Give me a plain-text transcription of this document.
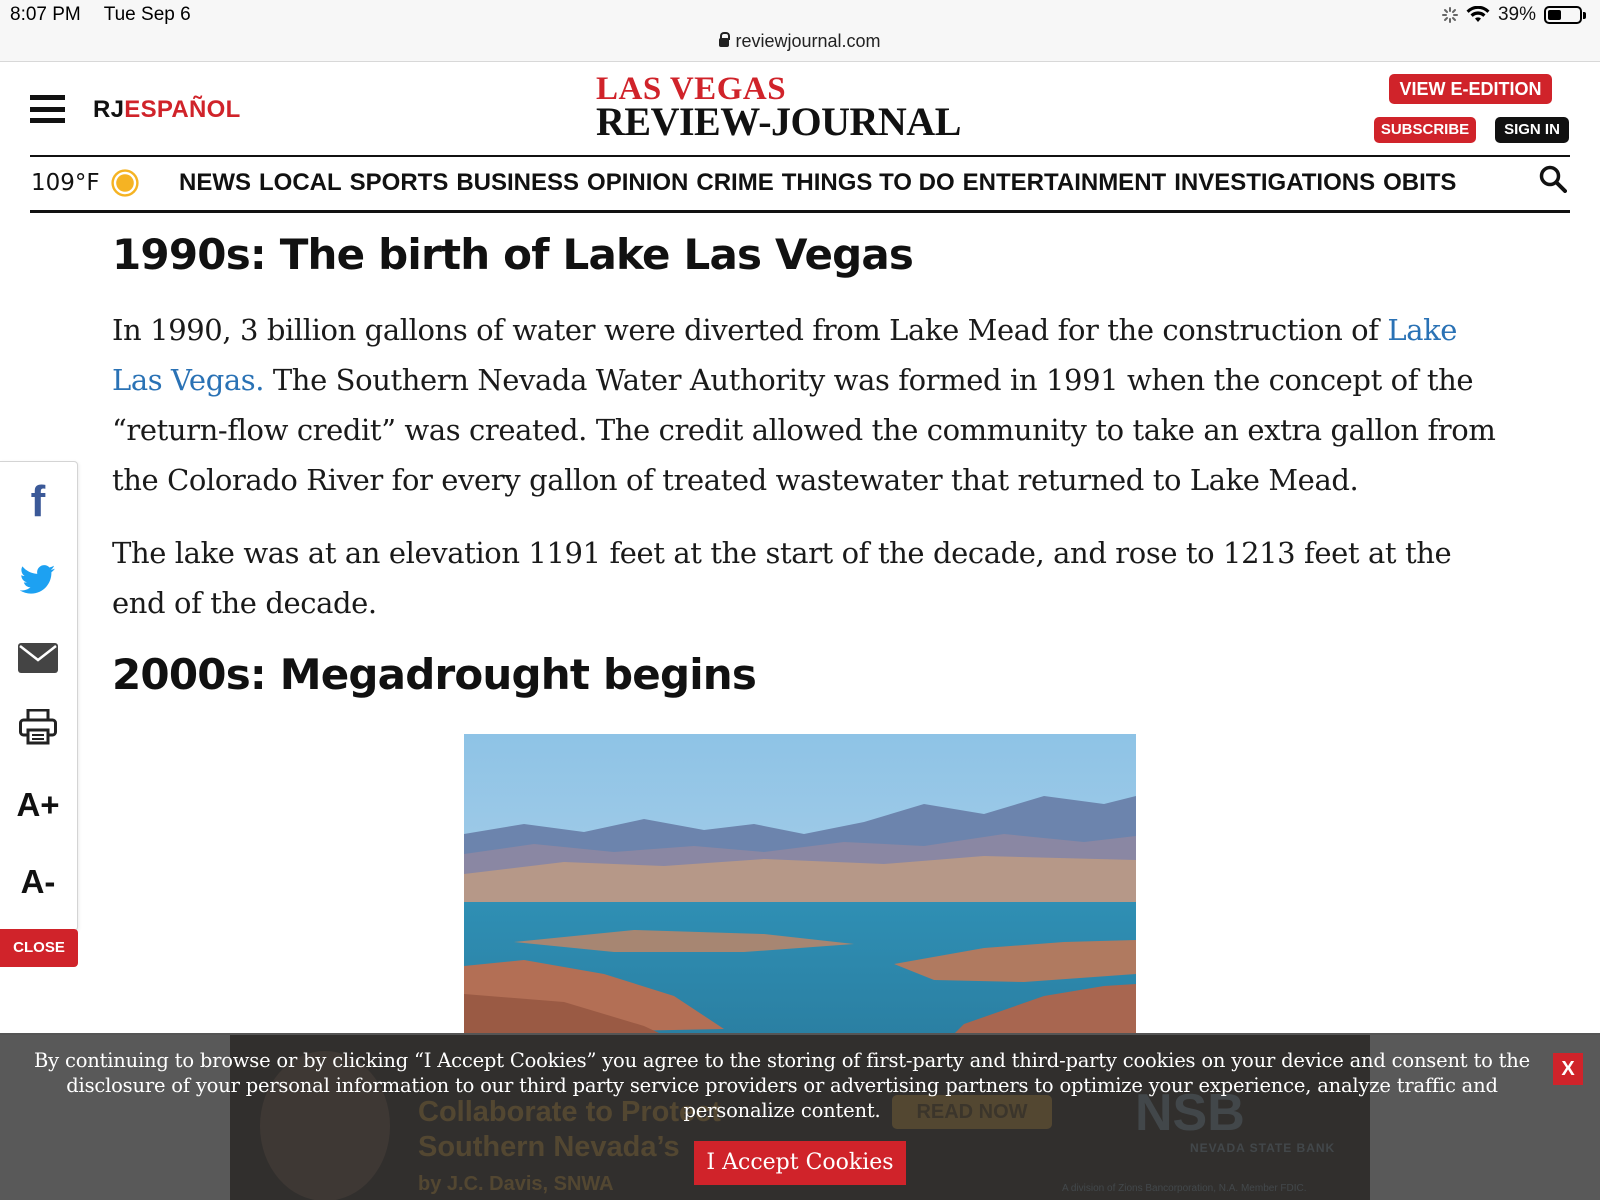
8:07 PM Tue Sep 6	39%
reviewjournal.com
RJESPAÑOL
LAS VEGAS
REVIEW-JOURNAL
VIEW E-EDITION
SUBSCRIBE	SIGN IN
109°F	NEWS LOCAL SPORTS BUSINESS OPINION CRIME THINGS TO DO ENTERTAINMENT INVESTIGATIONS OBITS
f
A+
A-
CLOSE
1990s: The birth of Lake Las Vegas

In 1990, 3 billion gallons of water were diverted from Lake Mead for the construction of Lake Las Vegas. The Southern Nevada Water Authority was formed in 1991 when the concept of the “return-flow credit” was created. The credit allowed the community to take an extra gallon from the Colorado River for every gallon of treated wastewater that returned to Lake Mead.

The lake was at an elevation 1191 feet at the start of the decade, and rose to 1213 feet at the end of the decade.

2000s: Megadrought begins
By continuing to browse or by clicking “I Accept Cookies” you agree to the storing of first-party and third-party cookies on your device and consent to the disclosure of your personal information to our third party service providers or advertising partners to optimize your experience, analyze traffic and personalize content.
X
I Accept Cookies
